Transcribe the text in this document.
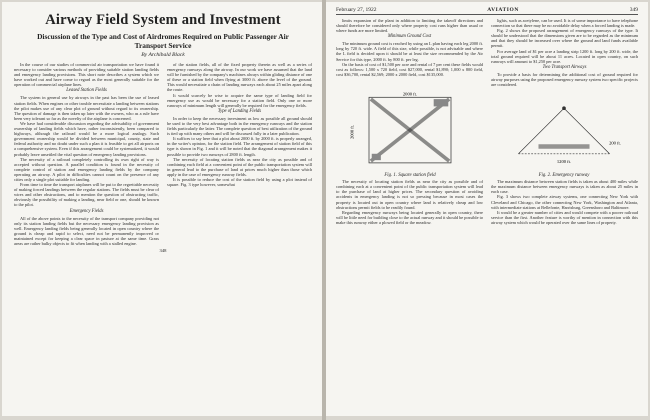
Airway Field System and Investment
Discussion of the Type and Cost of Airdromes Required on Public Passenger Air Transport Service
By Archibald Black

In the course of our studies of commercial air transportation we have found it necessary to consider various methods of providing suitable station landing fields and emergency landing provisions. This short note describes a system which we have worked out and have come to regard as the most generally suitable for the operation of commercial airplane lines.

Leased Station Fields

The system in general use by airways in the past has been the use of leased station fields. When engines or other trouble necessitate a landing between stations the pilot makes use of any clear plot of ground without regard to its ownership. The question of damage is then taken up later with the owners, who as a rule have been very tolerant so far as the novelty of the airplane is concerned.

We have had considerable discussion regarding the advisability of government ownership of landing fields which have, rather inconsistently, been compared to highways, although the railroad would be a more logical analogy. Such government ownership would be divided between municipal, county, state and federal authority and no doubt under such a plan it is feasible to get all airports on a comprehensive system. Even if this arrangement could be systematized, it would probably leave unsettled the vital question of emergency landing provisions.

The necessity of a railroad completely controlling its own right of way is accepted without question. A parallel condition is found in the necessity of complete control of station and emergency landing fields by the company operating an airway. A pilot in difficulties cannot count on the presence of any cities only a single plot suitable for landing.

From time to time the transport airplanes will be put to the regrettable necessity of making forced landings between the regular stations. The fields must be clear of wires and other obstructions, and to mention the question of obstructing traffic, obviously the possibility of making a landing, near field or one, should be known to the pilot.

Emergency Fields

All of the above points to the necessity of the transport company providing not only its station landing fields but the necessary emergency landing provision as well. Emergency landing fields being generally located in open country where the ground is cheap and rapid to select, need not be permanently improved or maintained except for keeping a clear space in pasture at the same time. Grass areas are rather bulky objects to fit when landing with a stalled engine.

of the station fields, all of the fixed property therein as well as a series of emergency runways along the airway. In our work we have assumed that the land will be furnished by the company's machines always within gliding distance of one of these or a station field when flying at 3000 ft. above the level of the ground. This would necessitate a chain of landing runways each about 25 miles apart along the route.

It would scarcely be wise to acquire the same type of landing field for emergency use as would be necessary for a station field. Only one or more runways of minimum length will generally be required for the emergency fields.

Type of Landing Fields

In order to keep the necessary investment as low as possible all ground should be used to the very best advantage both in the emergency runways and the station fields particularly the latter. The complete question of best utilization of the ground is tied up with many others and will be discussed fully in a later publication.

It suffices to say here that a plot about 2000 ft. by 2000 ft. is properly arranged, in the writer's opinion, for the station field. The arrangement of station field of this type is shown in Fig. 1 and it will be noted that the diagonal arrangement makes it possible to provide two runways of 2800 ft. length.

The necessity of locating station fields as near the city as possible and of combining each field at a convenient point of the public transportation system will in general lead to the purchase of land at prices much higher than those which apply in the case of emergency runway fields.

It is possible to reduce the cost of the station field by using a plot instead of square. Fig. 3 type however, somewhat

348
February 27, 1922	AVIATION	349

limits expansion of the plant in addition to limiting the takeoff directions and should therefore be considered only where property cost runs higher than usual or where funds are more limited.

Minimum Ground Cost

The minimum ground cost is reached by using an L plan having each leg 2000 ft. long by 720 ft. wide. A field of this size, while possible, is not advisable and where the L field is decided upon it should be at least the size recommended by the Air Service for this type, 2000 ft. by 800 ft. per leg.

On the basis of cost of $1,500 per acre and rental of 7 per cent these fields would cost as follows: 1,500 x 720 field, cost $27,000, rental $1,890; 1,000 x 800 field, cost $36,700, rental $2,569; 2000 x 2000 field, cost $135,000.

lights, such as acetylene, can be used. It is of some importance to have telephone connection so that there may be no avoidable delay when a forced landing is made.

Fig. 2 shows the proposed arrangement of emergency runways of the type. It should be understood that the dimensions given are to be regarded as the minimum and that they should be increased over where the ground and land funds available permit.

For average land of $1 per acre a landing strip 1200 ft. long by 200 ft. wide, the total ground required will be about 11 acres. Located in open country, on such runways will amount to $1,250 per acre.

Two Transport Airways

To provide a basis for determining the additional cost of ground required for airway purposes using the proposed emergency runway system two specific projects are considered.

2000 ft.
2000 ft.
Fig. 1. Square station field
1200 ft.
200 ft.
Fig. 2. Emergency runway

The necessity of locating station fields as near the city as possible and of combining each at a convenient point of the public transportation system will lead to the purchase of land at higher prices. The secondary question of avoiding accidents in emergency landing is not so pressing because in most cases the property is located out in open country where land is relatively cheap and low obstructions permit fields to be readily found.

Regarding emergency runways being located generally in open country, there will be little need for building close to the actual runway and it should be possible to make this runway either a plowed field or the meadow.

The maximum distance between station fields is taken as about 400 miles while the maximum distance between emergency runways is taken as about 25 miles in each case.

Fig. 3 shows two complete airway systems, one connecting New York with Cleveland and Chicago, the other connecting New York, Washington and Atlanta, with intermediate stations at Bellefonte, Harrisburg, Greensboro and Baltimore.

It would be a greater number of cities and would compete with a poorer railroad service than the first. Another feature is worthy of mention in connection with this airway system which would be operated over the same lines of property.
